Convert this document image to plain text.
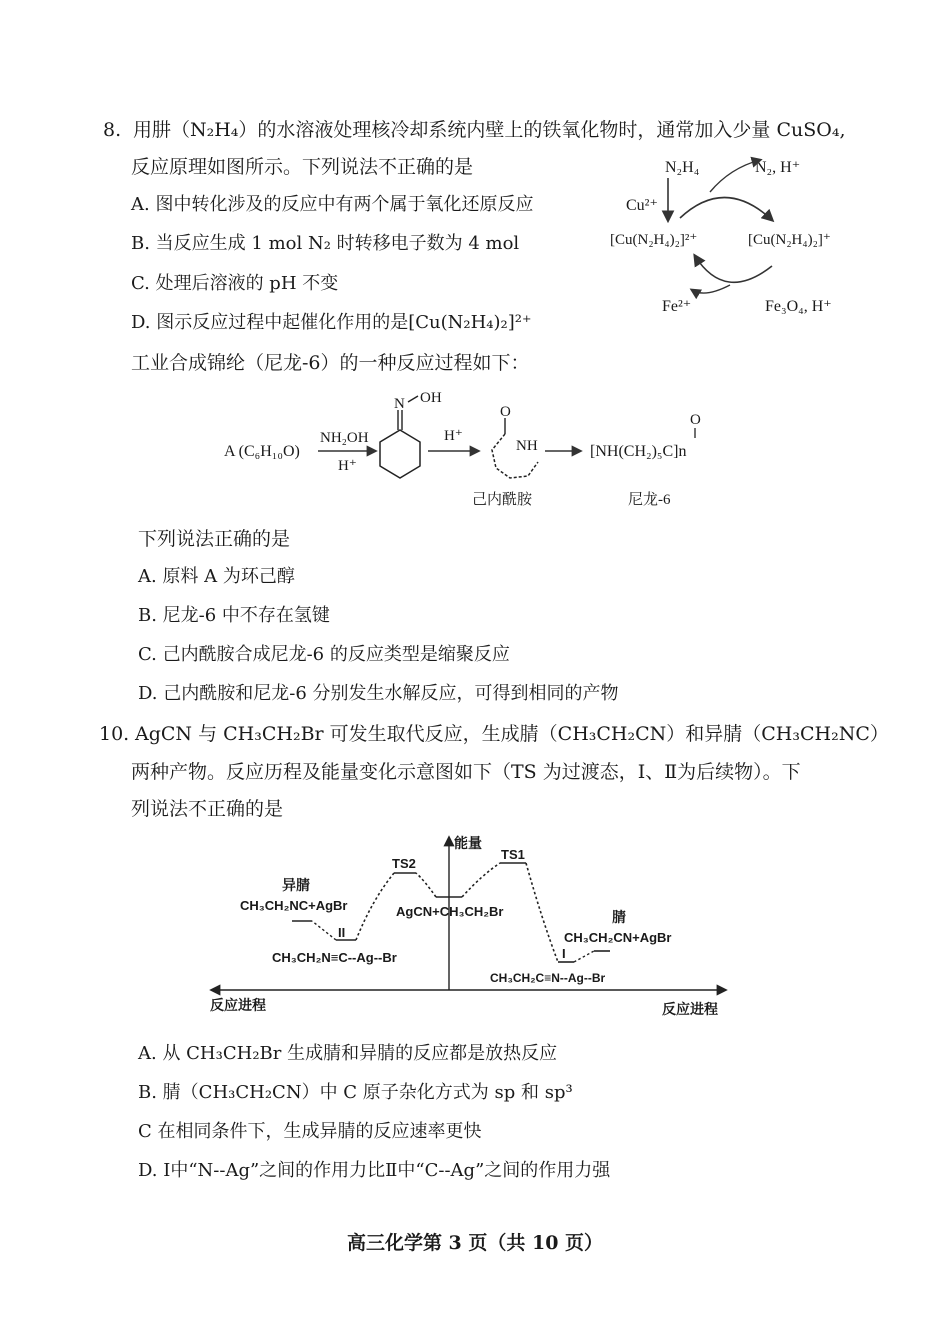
8. 用肼（N₂H₄）的水溶液处理核冷却系统内壁上的铁氧化物时，通常加入少量 CuSO₄,
反应原理如图所示。下列说法不正确的是
A. 图中转化涉及的反应中有两个属于氧化还原反应
B. 当反应生成 1 mol N₂ 时转移电子数为 4 mol
C. 处理后溶液的 pH 不变
D. 图示反应过程中起催化作用的是[Cu(N₂H₄)₂]²⁺
N₂H₄	N₂, H⁺
Cu²⁺
[Cu(N₂H₄)₂]²⁺	[Cu(N₂H₄)₂]⁺
Fe²⁺	Fe₃O₄, H⁺
工业合成锦纶（尼龙-6）的一种反应过程如下：
A (C₆H₁₀O)
NH₂OH
H⁺
N OH
H⁺
O
NH
O
[NH(CH₂)₅C]n
己内酰胺	尼龙-6
下列说法正确的是
A. 原料 A 为环己醇
B. 尼龙-6 中不存在氢键
C. 己内酰胺合成尼龙-6 的反应类型是缩聚反应
D. 己内酰胺和尼龙-6 分别发生水解反应，可得到相同的产物
10. AgCN 与 CH₃CH₂Br 可发生取代反应，生成腈（CH₃CH₂CN）和异腈（CH₃CH₂NC）
两种产物。反应历程及能量变化示意图如下（TS 为过渡态，Ⅰ、Ⅱ为后续物）。下
列说法不正确的是
能量
反应进程	反应进程
TS2
TS1
异腈
CH₃CH₂NC+AgBr
II
CH₃CH₂N≡C--Ag--Br
AgCN+CH₃CH₂Br	腈
CH₃CH₂CN+AgBr
I
CH₃CH₂C≡N--Ag--Br
A. 从 CH₃CH₂Br 生成腈和异腈的反应都是放热反应
B. 腈（CH₃CH₂CN）中 C 原子杂化方式为 sp 和 sp³
C 在相同条件下，生成异腈的反应速率更快
D. Ⅰ中“N--Ag”之间的作用力比Ⅱ中“C--Ag”之间的作用力强
高三化学第 3 页（共 10 页）
